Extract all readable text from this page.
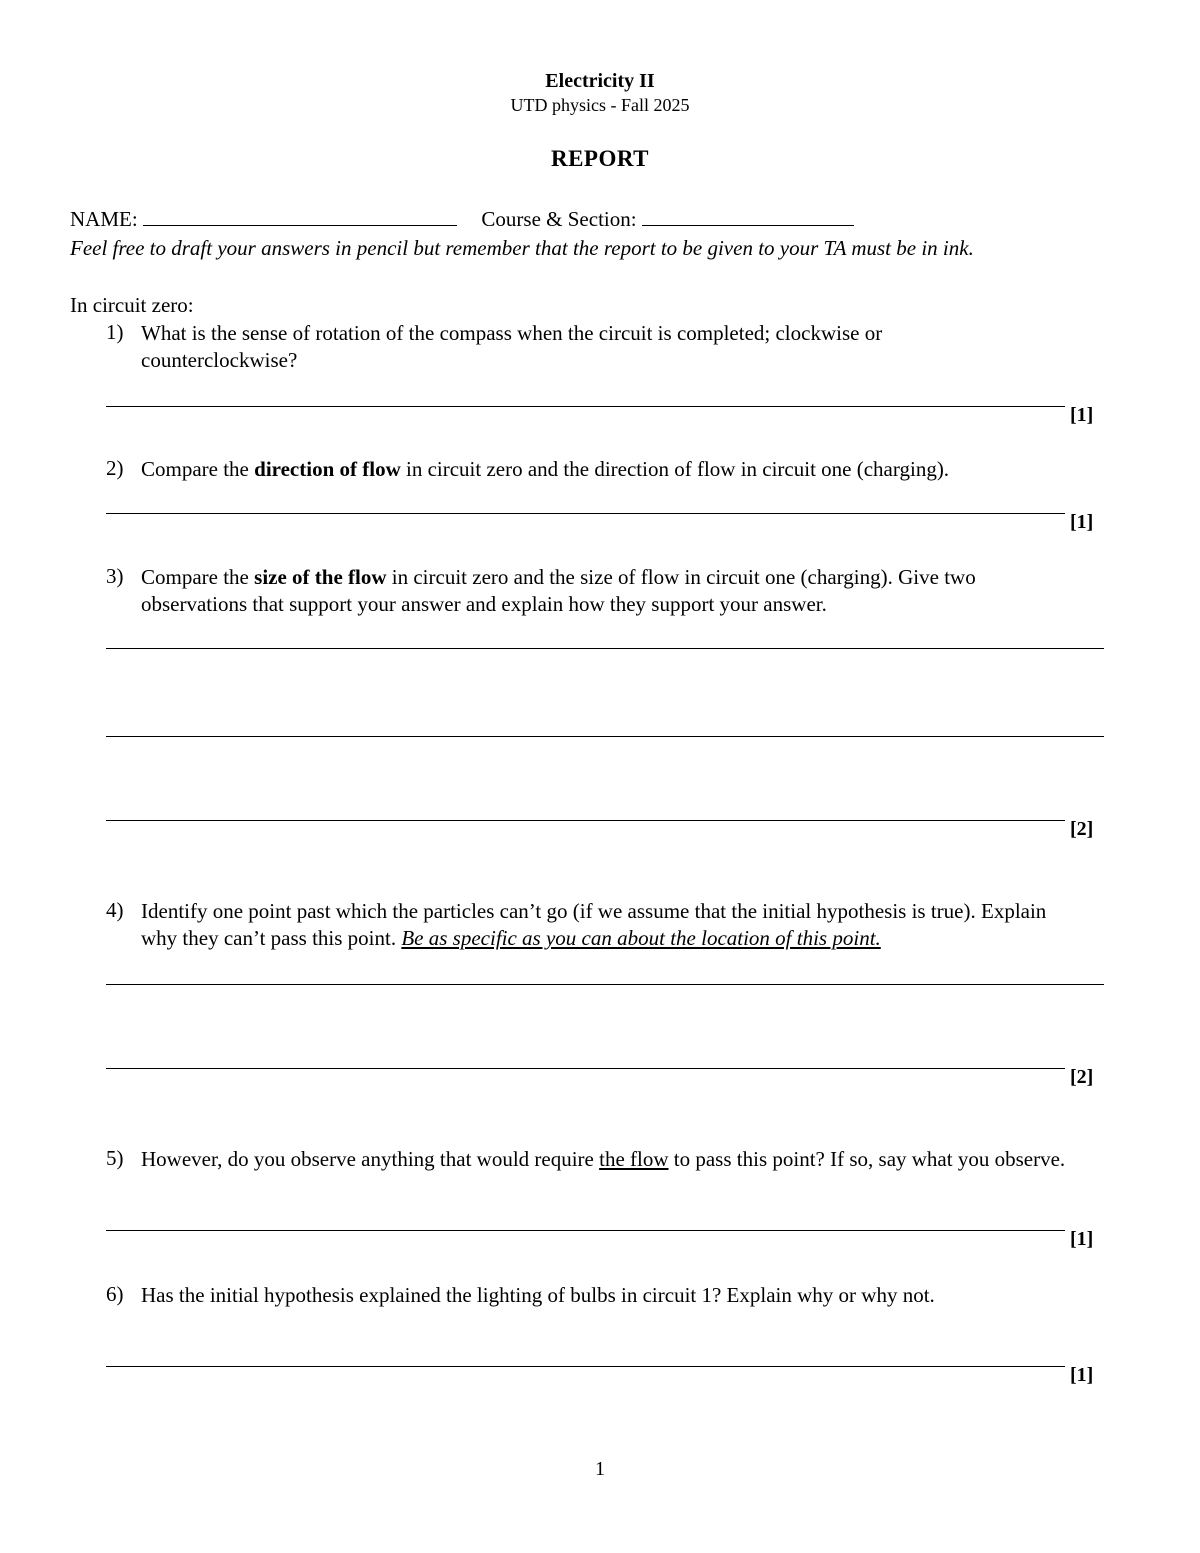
Electricity II
UTD physics - Fall 2025
REPORT
NAME:	Course & Section:
Feel free to draft your answers in pencil but remember that the report to be given to your TA must be in ink.
In circuit zero:
1) What is the sense of rotation of the compass when the circuit is completed; clockwise or counterclockwise?
[1]
2) Compare the direction of flow in circuit zero and the direction of flow in circuit one (charging).
[1]
3) Compare the size of the flow in circuit zero and the size of flow in circuit one (charging). Give two observations that support your answer and explain how they support your answer.
[2]
4) Identify one point past which the particles can’t go (if we assume that the initial hypothesis is true). Explain why they can’t pass this point. Be as specific as you can about the location of this point.
[2]
5) However, do you observe anything that would require the flow to pass this point? If so, say what you observe.
[1]
6) Has the initial hypothesis explained the lighting of bulbs in circuit 1? Explain why or why not.
[1]
1
